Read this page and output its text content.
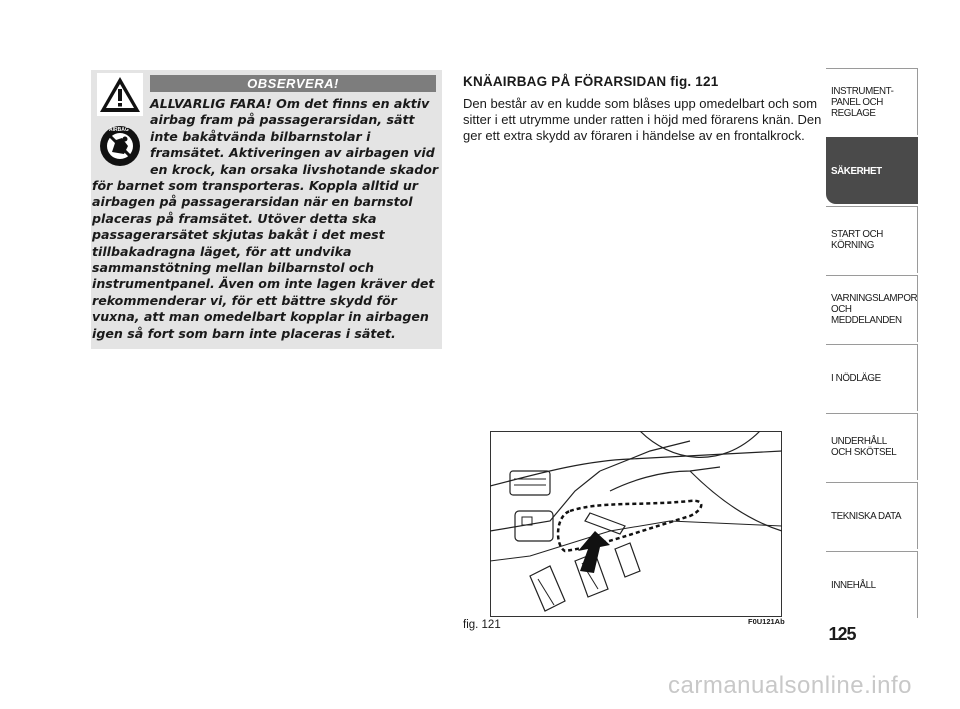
AIRBAG
OBSERVERA!
ALLVARLIG FARA! Om det finns en aktiv
airbag fram på passagerarsidan, sätt
inte bakåtvända bilbarnstolar i
framsätet. Aktiveringen av airbagen vid
en krock, kan orsaka livshotande skador
för barnet som transporteras. Koppla alltid ur
airbagen på passagerarsidan när en barnstol
placeras på framsätet. Utöver detta ska
passagerarsätet skjutas bakåt i det mest
tillbakadragna läget, för att undvika
sammanstötning mellan bilbarnstol och
instrumentpanel. Även om inte lagen kräver det
rekommenderar vi, för ett bättre skydd för
vuxna, att man omedelbart kopplar in airbagen
igen så fort som barn inte placeras i sätet.
KNÄAIRBAG PÅ FÖRARSIDAN fig. 121
Den består av en kudde som blåses upp omedelbart och som sitter i ett utrymme under ratten i höjd med förarens knän. Den ger ett extra skydd av föraren i händelse av en frontalkrock.
fig. 121	F0U121Ab
INSTRUMENT-
PANEL OCH
REGLAGE
SÄKERHET
START OCH
KÖRNING
VARNINGSLAMPOR
OCH
MEDDELANDEN
I NÖDLÄGE
UNDERHÅLL
OCH SKÖTSEL
TEKNISKA DATA
INNEHÅLL
125
carmanualsonline.info
